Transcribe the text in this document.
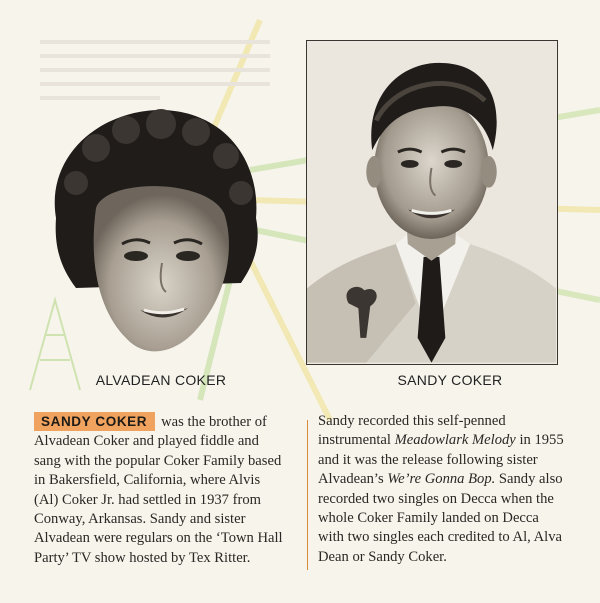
ALVADEAN COKER	SANDY COKER
SANDY COKER was the brother of
Alvadean Coker and played fiddle and
sang with the popular Coker Family based
in Bakersfield, California, where Alvis
(Al) Coker Jr. had settled in 1937 from
Conway, Arkansas. Sandy and sister
Alvadean were regulars on the ‘Town Hall
Party’ TV show hosted by Tex Ritter.
Sandy recorded this self-penned
instrumental Meadowlark Melody in 1955
and it was the release following sister
Alvadean’s We’re Gonna Bop. Sandy also
recorded two singles on Decca when the
whole Coker Family landed on Decca
with two singles each credited to Al, Alva
Dean or Sandy Coker.
